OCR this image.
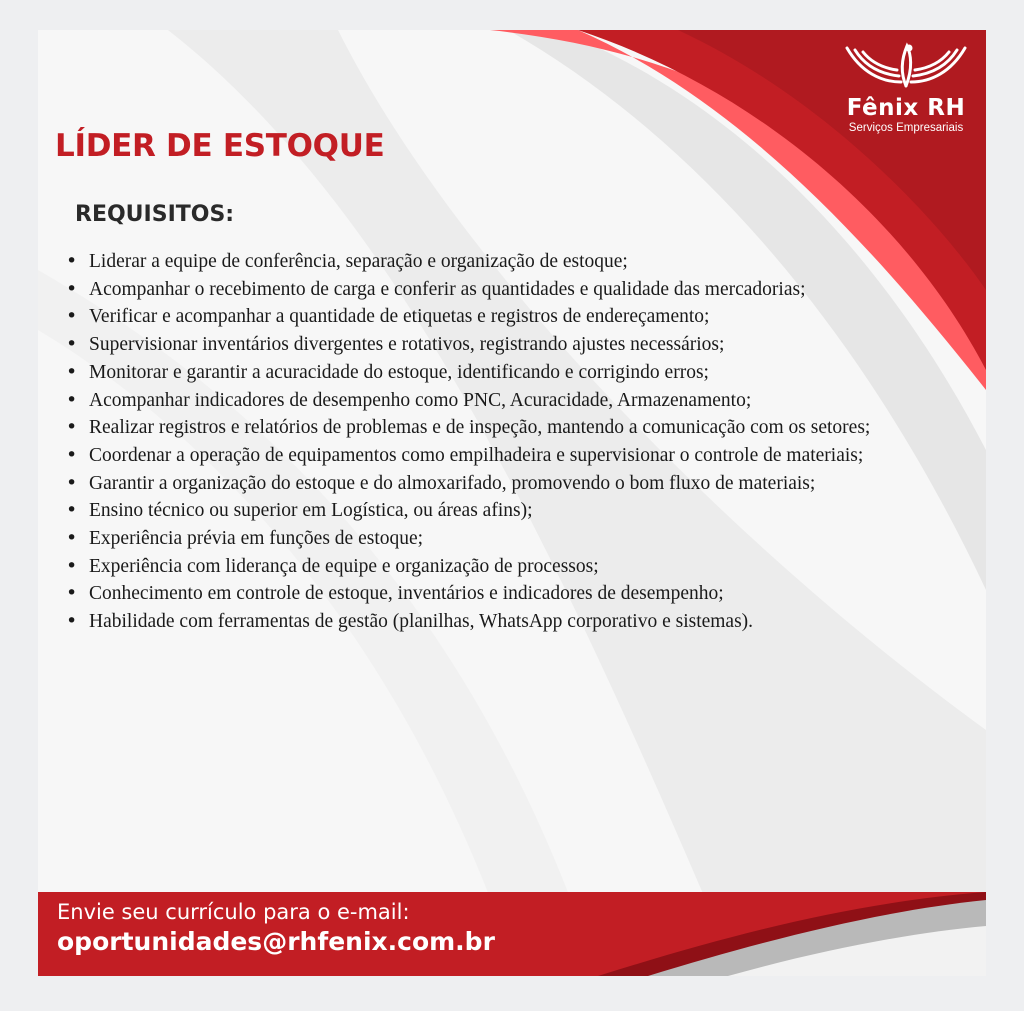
Fênix RH
Serviços Empresariais
LÍDER DE ESTOQUE
REQUISITOS:
• Liderar a equipe de conferência, separação e organização de estoque;
• Acompanhar o recebimento de carga e conferir as quantidades e qualidade das mercadorias;
• Verificar e acompanhar a quantidade de etiquetas e registros de endereçamento;
• Supervisionar inventários divergentes e rotativos, registrando ajustes necessários;
• Monitorar e garantir a acuracidade do estoque, identificando e corrigindo erros;
• Acompanhar indicadores de desempenho como PNC, Acuracidade, Armazenamento;
• Realizar registros e relatórios de problemas e de inspeção, mantendo a comunicação com os setores;
• Coordenar a operação de equipamentos como empilhadeira e supervisionar o controle de materiais;
• Garantir a organização do estoque e do almoxarifado, promovendo o bom fluxo de materiais;
• Ensino técnico ou superior em Logística, ou áreas afins);
• Experiência prévia em funções de estoque;
• Experiência com liderança de equipe e organização de processos;
• Conhecimento em controle de estoque, inventários e indicadores de desempenho;
• Habilidade com ferramentas de gestão (planilhas, WhatsApp corporativo e sistemas).
Envie seu currículo para o e-mail:
oportunidades@rhfenix.com.br
